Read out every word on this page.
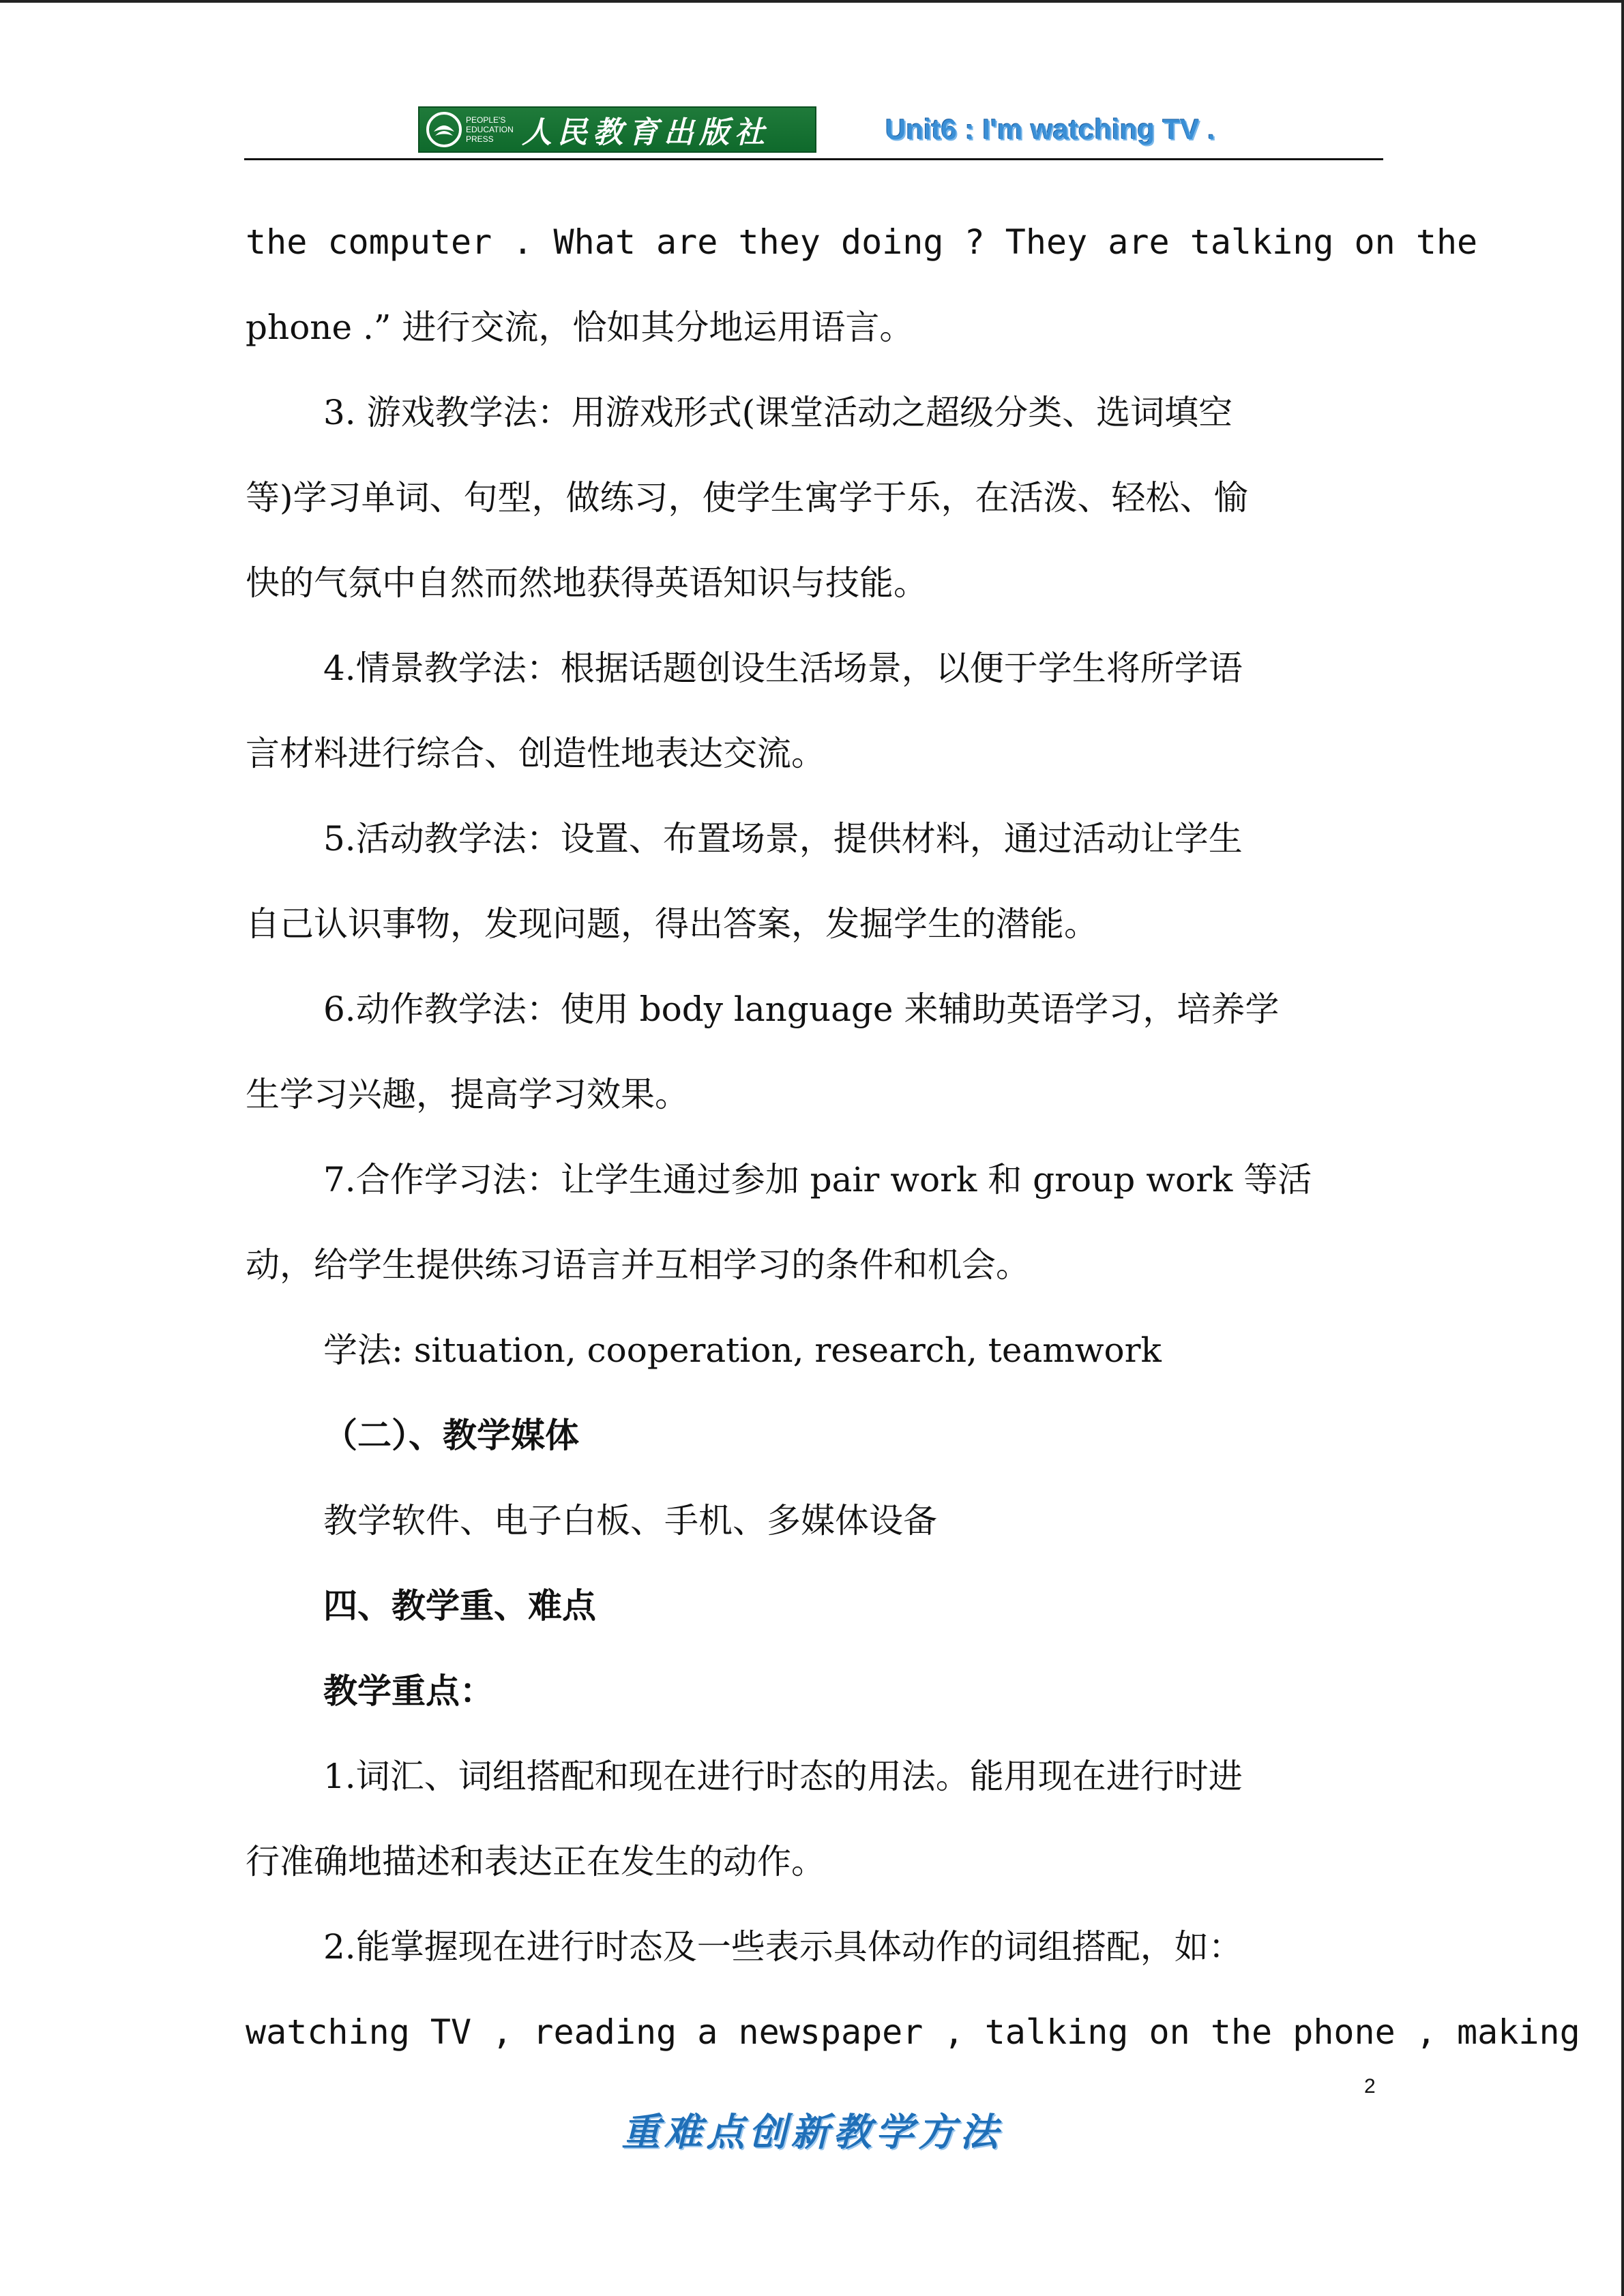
PEOPLE'S
EDUCATION
PRESS 人民教育出版社	Unit6 : I'm watching TV .
the computer . What are they doing ? They are talking on the
phone .” 进行交流，恰如其分地运用语言。
3. 游戏教学法：用游戏形式(课堂活动之超级分类、选词填空
等)学习单词、句型，做练习，使学生寓学于乐，在活泼、轻松、愉
快的气氛中自然而然地获得英语知识与技能。
4.情景教学法：根据话题创设生活场景，以便于学生将所学语
言材料进行综合、创造性地表达交流。
5.活动教学法：设置、布置场景，提供材料，通过活动让学生
自己认识事物，发现问题，得出答案，发掘学生的潜能。
6.动作教学法：使用 body language 来辅助英语学习，培养学
生学习兴趣，提高学习效果。
7.合作学习法：让学生通过参加 pair work 和 group work 等活
动，给学生提供练习语言并互相学习的条件和机会。
学法: situation, cooperation, research, teamwork
（二）、教学媒体
教学软件、电子白板、手机、多媒体设备
四、教学重、难点
教学重点：
1.词汇、词组搭配和现在进行时态的用法。能用现在进行时进
行准确地描述和表达正在发生的动作。
2.能掌握现在进行时态及一些表示具体动作的词组搭配，如：
watching TV , reading a newspaper , talking on the phone , making
2
重难点创新教学方法
